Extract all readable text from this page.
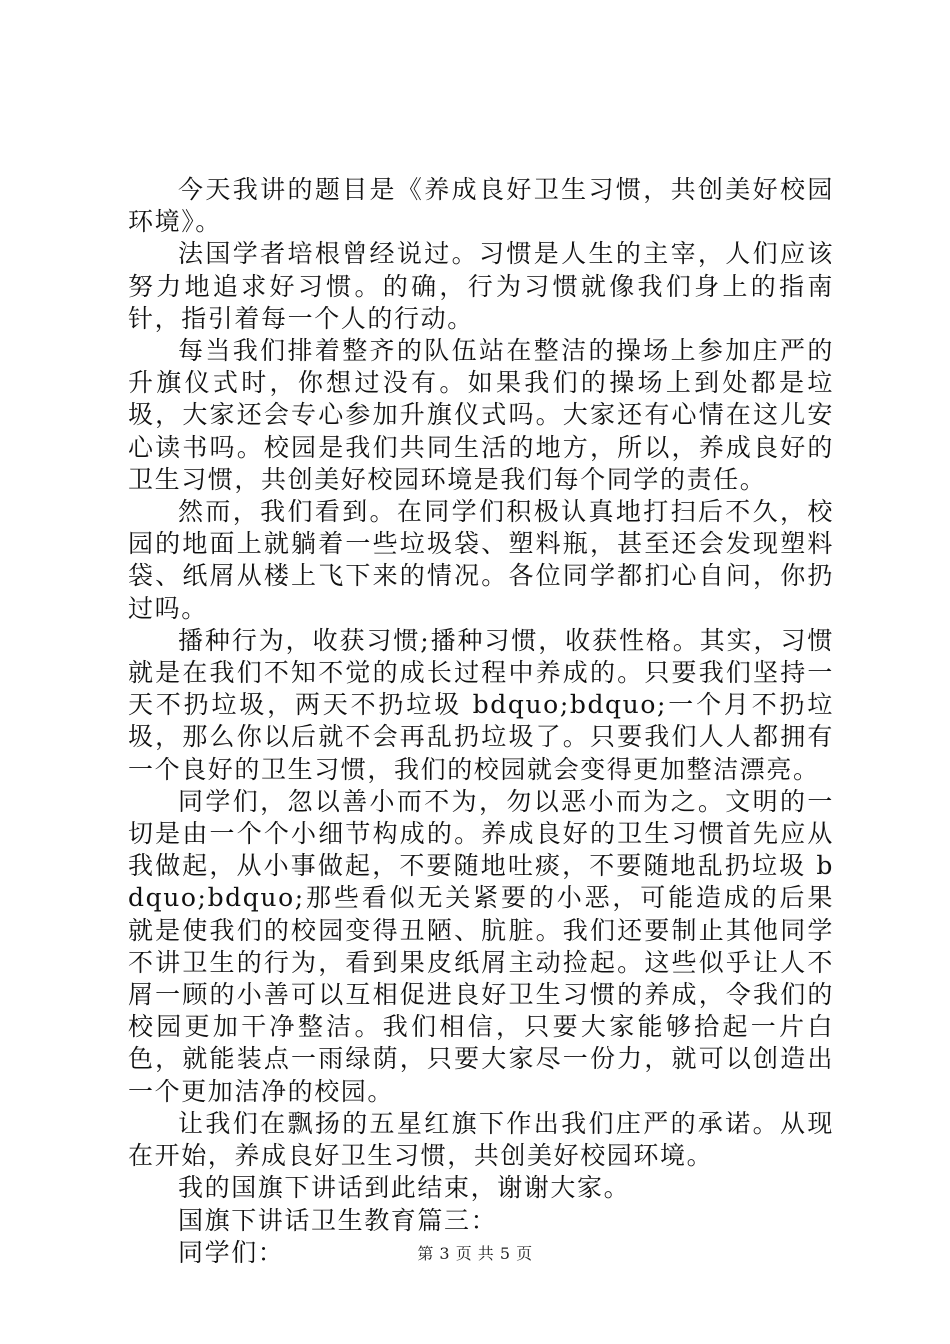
今天我讲的题目是《养成良好卫生习惯，共创美好校园环境》。

法国学者培根曾经说过。习惯是人生的主宰，人们应该努力地追求好习惯。的确，行为习惯就像我们身上的指南针，指引着每一个人的行动。

每当我们排着整齐的队伍站在整洁的操场上参加庄严的升旗仪式时，你想过没有。如果我们的操场上到处都是垃圾，大家还会专心参加升旗仪式吗。大家还有心情在这儿安心读书吗。校园是我们共同生活的地方，所以，养成良好的卫生习惯，共创美好校园环境是我们每个同学的责任。

然而，我们看到。在同学们积极认真地打扫后不久，校园的地面上就躺着一些垃圾袋、塑料瓶，甚至还会发现塑料袋、纸屑从楼上飞下来的情况。各位同学都扪心自问，你扔过吗。

播种行为，收获习惯;播种习惯，收获性格。其实，习惯就是在我们不知不觉的成长过程中养成的。只要我们坚持一天不扔垃圾，两天不扔垃圾 bdquo;bdquo;一个月不扔垃圾，那么你以后就不会再乱扔垃圾了。只要我们人人都拥有一个良好的卫生习惯，我们的校园就会变得更加整洁漂亮。

同学们，忽以善小而不为，勿以恶小而为之。文明的一切是由一个个小细节构成的。养成良好的卫生习惯首先应从我做起，从小事做起，不要随地吐痰，不要随地乱扔垃圾 bdquo;bdquo;那些看似无关紧要的小恶，可能造成的后果就是使我们的校园变得丑陋、肮脏。我们还要制止其他同学不讲卫生的行为，看到果皮纸屑主动捡起。这些似乎让人不屑一顾的小善可以互相促进良好卫生习惯的养成，令我们的校园更加干净整洁。我们相信，只要大家能够拾起一片白色，就能装点一雨绿荫，只要大家尽一份力，就可以创造出一个更加洁净的校园。

让我们在飘扬的五星红旗下作出我们庄严的承诺。从现在开始，养成良好卫生习惯，共创美好校园环境。

我的国旗下讲话到此结束，谢谢大家。

国旗下讲话卫生教育篇三：

同学们：	第 3 页 共 5 页
